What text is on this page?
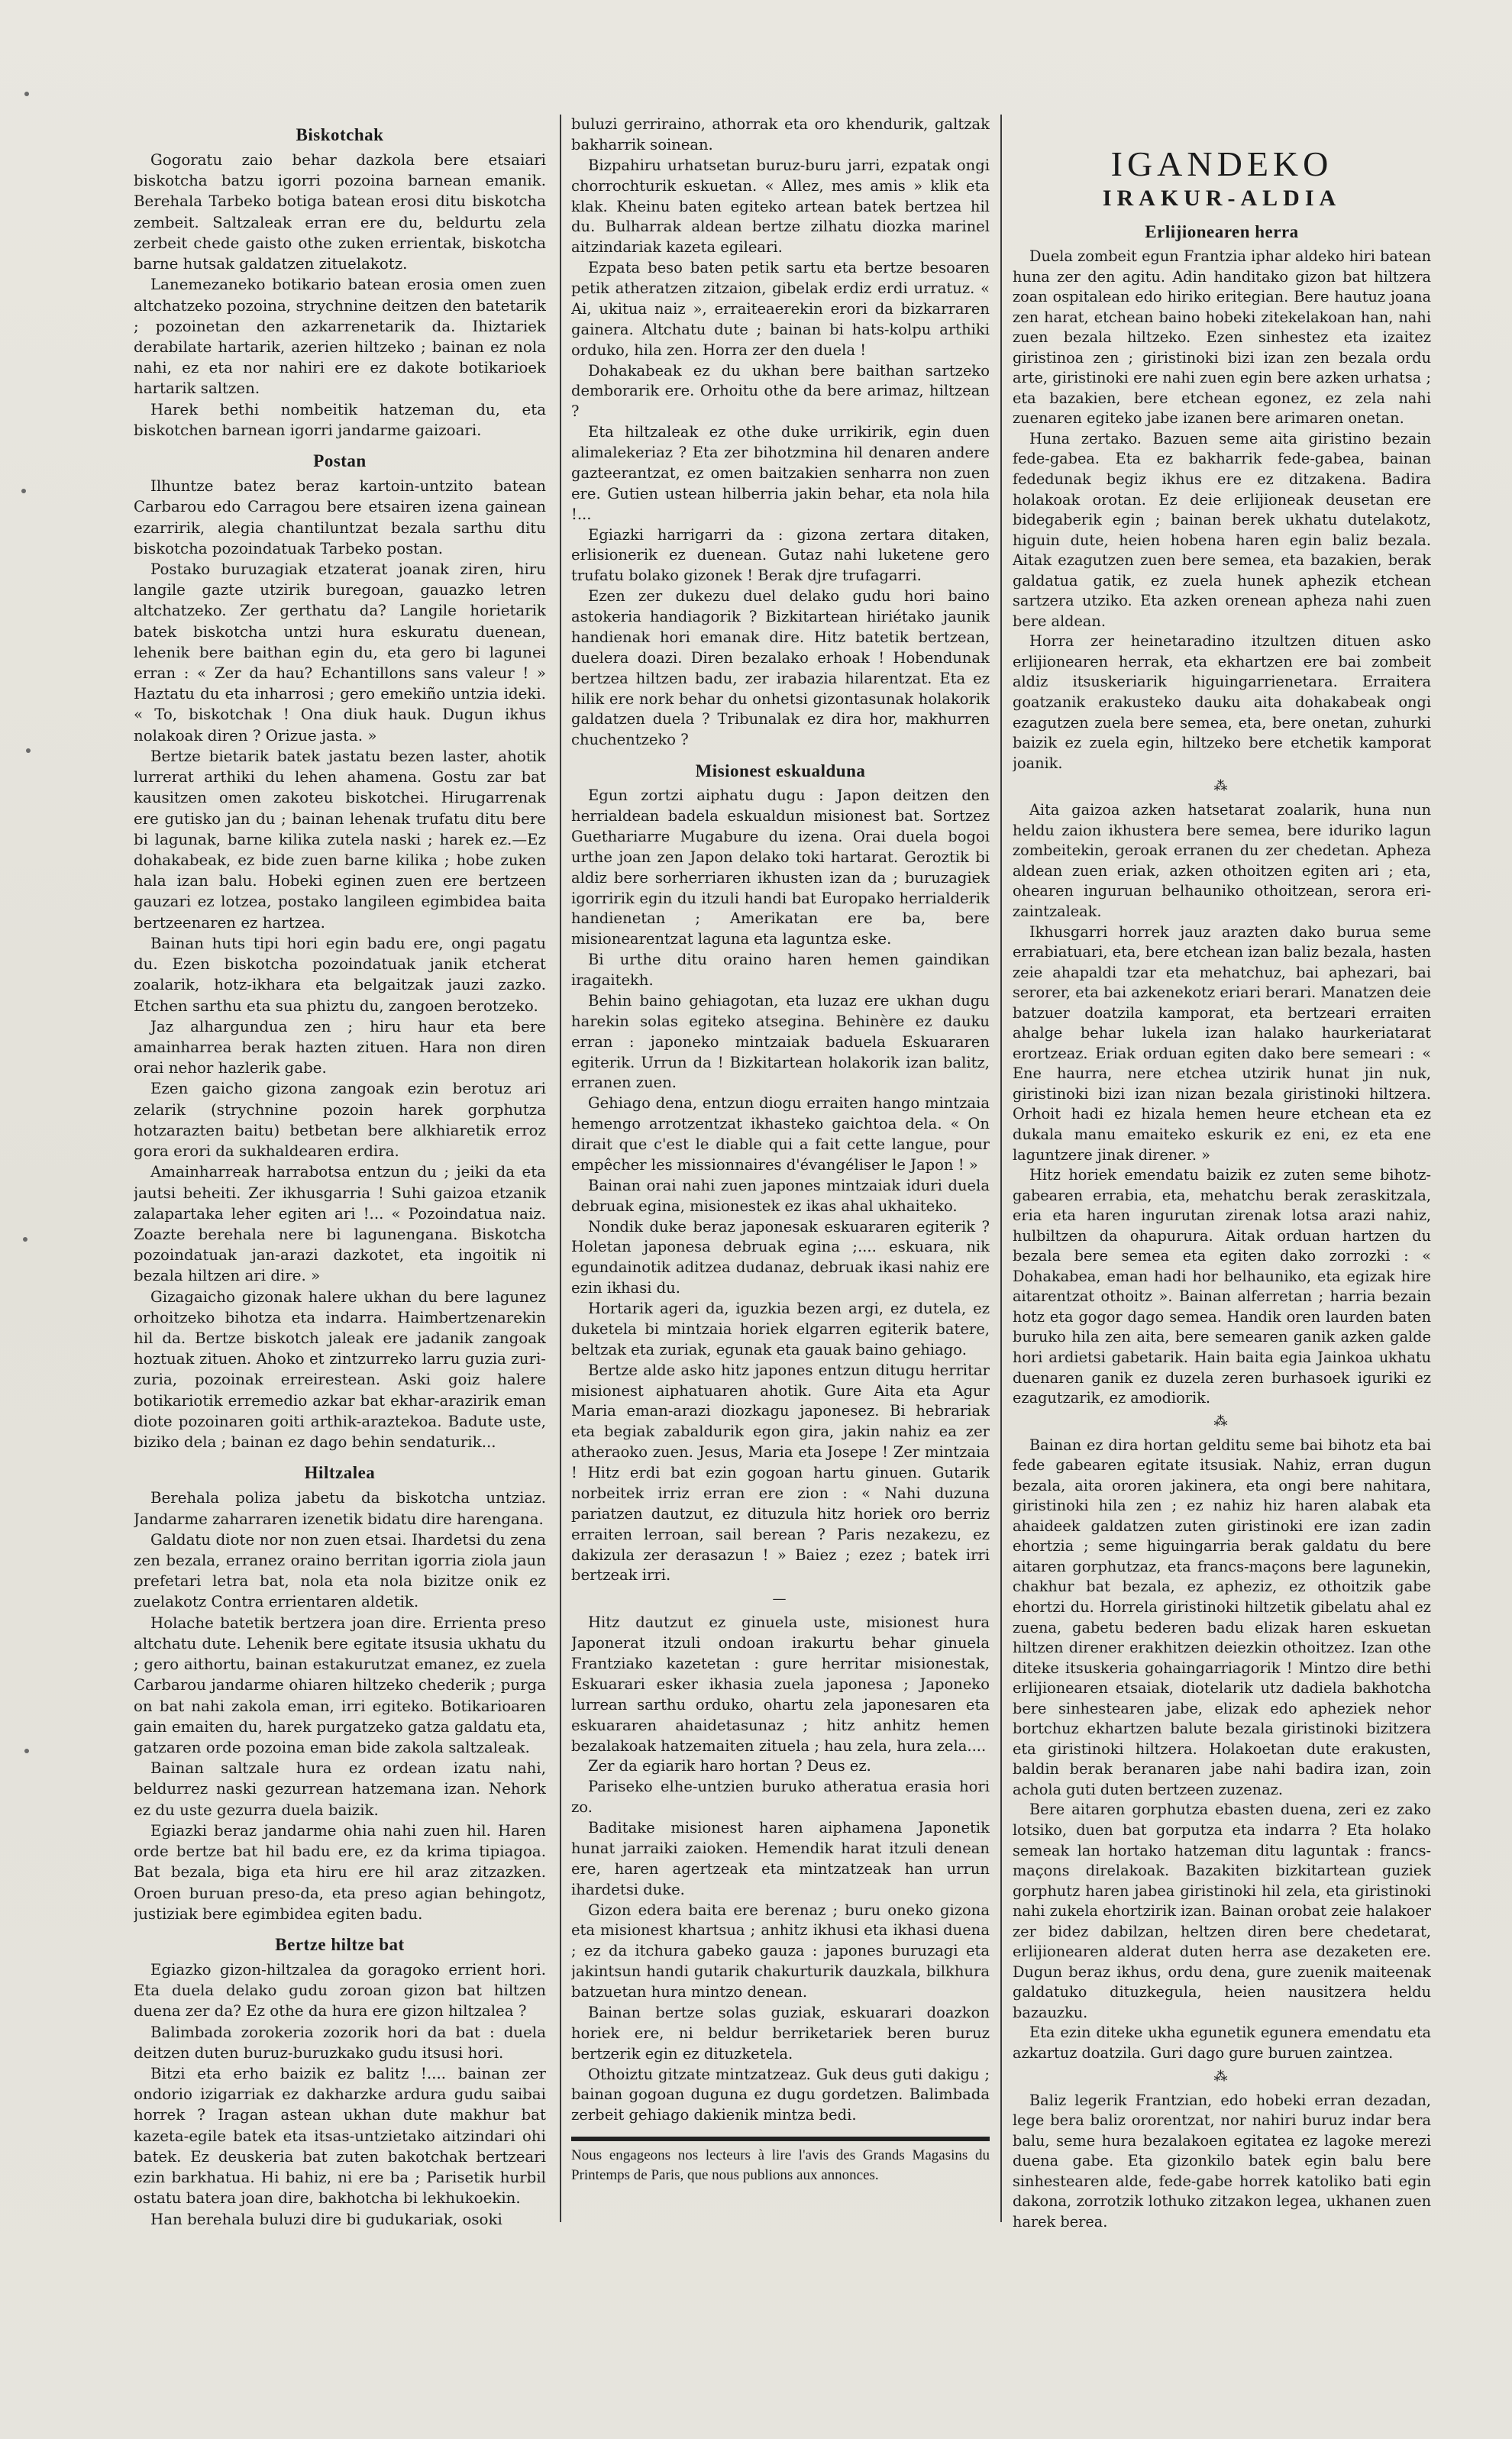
Biskotchak

Gogoratu zaio behar dazkola bere etsaiari biskotcha batzu igorri pozoina barnean emanik. Berehala Tarbeko botiga batean erosi ditu biskotcha zembeit. Saltzaleak erran ere du, beldurtu zela zerbeit chede gaisto othe zuken errientak, biskotcha barne hutsak galdatzen zituelakotz.

Lanemezaneko botikario batean erosia omen zuen altchatzeko pozoina, strychnine deitzen den batetarik ; pozoinetan den azkarrenetarik da. Ihiztariek derabilate hartarik, azerien hiltzeko ; bainan ez nola nahi, ez eta nor nahiri ere ez dakote botikarioek hartarik saltzen.

Harek bethi nombeitik hatzeman du, eta biskotchen barnean igorri jandarme gaizoari.

Postan

Ilhuntze batez beraz kartoin-untzito batean Carbarou edo Carragou bere etsairen izena gainean ezarririk, alegia chantiluntzat bezala sarthu ditu biskotcha pozoindatuak Tarbeko postan.

Postako buruzagiak etzaterat joanak ziren, hiru langile gazte utzirik buregoan, gauazko letren altchatzeko. Zer gerthatu da? Langile horietarik batek biskotcha untzi hura eskuratu duenean, lehenik bere baithan egin du, eta gero bi lagunei erran : « Zer da hau? Echantillons sans valeur ! » Haztatu du eta inharrosi ; gero emekiño untzia ideki. « To, biskotchak ! Ona diuk hauk. Dugun ikhus nolakoak diren ? Orizue jasta. »

Bertze bietarik batek jastatu bezen laster, ahotik lurrerat arthiki du lehen ahamena. Gostu zar bat kausitzen omen zakoteu biskotchei. Hirugarrenak ere gutisko jan du ; bainan lehenak trufatu ditu bere bi lagunak, barne kilika zutela naski ; harek ez.—Ez dohakabeak, ez bide zuen barne kilika ; hobe zuken hala izan balu. Hobeki eginen zuen ere bertzeen gauzari ez lotzea, postako langileen egimbidea baita bertzeenaren ez hartzea.

Bainan huts tipi hori egin badu ere, ongi pagatu du. Ezen biskotcha pozoindatuak janik etcherat zoalarik, hotz-ikhara eta belgaitzak jauzi zazko. Etchen sarthu eta sua phiztu du, zangoen berotzeko.

Jaz alhargundua zen ; hiru haur eta bere amainharrea berak hazten zituen. Hara non diren orai nehor hazlerik gabe.

Ezen gaicho gizona zangoak ezin berotuz ari zelarik (strychnine pozoin harek gorphutza hotzarazten baitu) betbetan bere alkhiaretik erroz gora erori da sukhaldearen erdira.

Amainharreak harrabotsa entzun du ; jeiki da eta jautsi beheiti. Zer ikhusgarria ! Suhi gaizoa etzanik zalapartaka leher egiten ari !... « Pozoindatua naiz. Zoazte berehala nere bi lagunengana. Biskotcha pozoindatuak jan-arazi dazkotet, eta ingoitik ni bezala hiltzen ari dire. »

Gizagaicho gizonak halere ukhan du bere lagunez orhoitzeko bihotza eta indarra. Haimbertzenarekin hil da. Bertze biskotch jaleak ere jadanik zangoak hoztuak zituen. Ahoko et zintzurreko larru guzia zuri-zuria, pozoinak erreirestean. Aski goiz halere botikariotik erremedio azkar bat ekhar-arazirik eman diote pozoinaren goiti arthik-araztekoa. Badute uste, biziko dela ; bainan ez dago behin sendaturik...

Hiltzalea

Berehala poliza jabetu da biskotcha untziaz. Jandarme zaharraren izenetik bidatu dire harengana.

Galdatu diote nor non zuen etsai. Ihardetsi du zena zen bezala, erranez oraino berritan igorria ziola jaun prefetari letra bat, nola eta nola bizitze onik ez zuelakotz Contra errientaren aldetik.

Holache batetik bertzera joan dire. Errienta preso altchatu dute. Lehenik bere egitate itsusia ukhatu du ; gero aithortu, bainan estakurutzat emanez, ez zuela Carbarou jandarme ohiaren hiltzeko chederik ; purga on bat nahi zakola eman, irri egiteko. Botikarioaren gain emaiten du, harek purgatzeko gatza galdatu eta, gatzaren orde pozoina eman bide zakola saltzaleak.

Bainan saltzale hura ez ordean izatu nahi, beldurrez naski gezurrean hatzemana izan. Nehork ez du uste gezurra duela baizik.

Egiazki beraz jandarme ohia nahi zuen hil. Haren orde bertze bat hil badu ere, ez da krima tipiagoa. Bat bezala, biga eta hiru ere hil araz zitzazken. Oroen buruan preso-da, eta preso agian behingotz, justiziak bere egimbidea egiten badu.

Bertze hiltze bat

Egiazko gizon-hiltzalea da goragoko errient hori. Eta duela delako gudu zoroan gizon bat hiltzen duena zer da? Ez othe da hura ere gizon hiltzalea ?

Balimbada zorokeria zozorik hori da bat : duela deitzen duten buruz-buruzkako gudu itsusi hori.

Bitzi eta erho baizik ez balitz !.... bainan zer ondorio izigarriak ez dakharzke ardura gudu saibai horrek ? Iragan astean ukhan dute makhur bat kazeta-egile batek eta itsas-untzietako aitzindari ohi batek. Ez deuskeria bat zuten bakotchak bertzeari ezin barkhatua. Hi bahiz, ni ere ba ; Parisetik hurbil ostatu batera joan dire, bakhotcha bi lekhukoekin.

Han berehala buluzi dire bi gudukariak, osoki

buluzi gerriraino, athorrak eta oro khendurik, galtzak bakharrik soinean.

Bizpahiru urhatsetan buruz-buru jarri, ezpatak ongi chorrochturik eskuetan. « Allez, mes amis » klik eta klak. Kheinu baten egiteko artean batek bertzea hil du. Bulharrak aldean bertze zilhatu diozka marinel aitzindariak kazeta egileari.

Ezpata beso baten petik sartu eta bertze besoaren petik atheratzen zitzaion, gibelak erdiz erdi urratuz. « Ai, ukitua naiz », erraiteaerekin erori da bizkarraren gainera. Altchatu dute ; bainan bi hats-kolpu arthiki orduko, hila zen. Horra zer den duela !

Dohakabeak ez du ukhan bere baithan sartzeko demborarik ere. Orhoitu othe da bere arimaz, hiltzean ?

Eta hiltzaleak ez othe duke urrikirik, egin duen alimalekeriaz ? Eta zer bihotzmina hil denaren andere gazteerantzat, ez omen baitzakien senharra non zuen ere. Gutien ustean hilberria jakin behar, eta nola hila !...

Egiazki harrigarri da : gizona zertara ditaken, erlisionerik ez duenean. Gutaz nahi luketene gero trufatu bolako gizonek ! Berak djre trufagarri.

Ezen zer dukezu duel delako gudu hori baino astokeria handiagorik ? Bizkitartean hiriétako jaunik handienak hori emanak dire. Hitz batetik bertzean, duelera doazi. Diren bezalako erhoak ! Hobendunak bertzea hiltzen badu, zer irabazia hilarentzat. Eta ez hilik ere nork behar du onhetsi gizontasunak holakorik galdatzen duela ? Tribunalak ez dira hor, makhurren chuchentzeko ?

Misionest eskualduna

Egun zortzi aiphatu dugu : Japon deitzen den herrialdean badela eskualdun misionest bat. Sortzez Guethariarre Mugabure du izena. Orai duela bogoi urthe joan zen Japon delako toki hartarat. Geroztik bi aldiz bere sorherriaren ikhusten izan da ; buruzagiek igorririk egin du itzuli handi bat Europako herrialderik handienetan ; Amerikatan ere ba, bere misionearentzat laguna eta laguntza eske.

Bi urthe ditu oraino haren hemen gaindikan iragaitekh.

Behin baino gehiagotan, eta luzaz ere ukhan dugu harekin solas egiteko atsegina. Behinère ez dauku erran : japoneko mintzaiak baduela Eskuararen egiterik. Urrun da ! Bizkitartean holakorik izan balitz, erranen zuen.

Gehiago dena, entzun diogu erraiten hango mintzaia hemengo arrotzentzat ikhasteko gaichtoa dela. « On dirait que c'est le diable qui a fait cette langue, pour empêcher les missionnaires d'évangéliser le Japon ! »

Bainan orai nahi zuen japones mintzaiak iduri duela debruak egina, misionestek ez ikas ahal ukhaiteko.

Nondik duke beraz japonesak eskuararen egiterik ? Holetan japonesa debruak egina ;.... eskuara, nik egundainotik aditzea dudanaz, debruak ikasi nahiz ere ezin ikhasi du.

Hortarik ageri da, iguzkia bezen argi, ez dutela, ez duketela bi mintzaia horiek elgarren egiterik batere, beltzak eta zuriak, egunak eta gauak baino gehiago.

Bertze alde asko hitz japones entzun ditugu herritar misionest aiphatuaren ahotik. Gure Aita eta Agur Maria eman-arazi diozkagu japonesez. Bi hebrariak eta begiak zabaldurik egon gira, jakin nahiz ea zer atheraoko zuen. Jesus, Maria eta Josepe ! Zer mintzaia ! Hitz erdi bat ezin gogoan hartu ginuen. Gutarik norbeitek irriz erran ere zion : « Nahi duzuna pariatzen dautzut, ez dituzula hitz horiek oro berriz erraiten lerroan, sail berean ? Paris nezakezu, ez dakizula zer derasazun ! » Baiez ; ezez ; batek irri bertzeak irri.

—

Hitz dautzut ez ginuela uste, misionest hura Japonerat itzuli ondoan irakurtu behar ginuela Frantziako kazetetan : gure herritar misionestak, Eskuarari esker ikhasia zuela japonesa ; Japoneko lurrean sarthu orduko, ohartu zela japonesaren eta eskuararen ahaidetasunaz ; hitz anhitz hemen bezalakoak hatzemaiten zituela ; hau zela, hura zela....

Zer da egiarik haro hortan ? Deus ez.

Pariseko elhe-untzien buruko atheratua erasia hori zo.

Baditake misionest haren aiphamena Japonetik hunat jarraiki zaioken. Hemendik harat itzuli denean ere, haren agertzeak eta mintzatzeak han urrun ihardetsi duke.

Gizon edera baita ere berenaz ; buru oneko gizona eta misionest khartsua ; anhitz ikhusi eta ikhasi duena ; ez da itchura gabeko gauza : japones buruzagi eta jakintsun handi gutarik chakurturik dauzkala, bilkhura batzuetan hura mintzo denean.

Bainan bertze solas guziak, eskuarari doazkon horiek ere, ni beldur berriketariek beren buruz bertzerik egin ez dituzketela.

Othoiztu gitzate mintzatzeaz. Guk deus guti dakigu ; bainan gogoan duguna ez dugu gordetzen. Balimbada zerbeit gehiago dakienik mintza bedi.

Nous engageons nos lecteurs à lire l'avis des Grands Magasins du Printemps de Paris, que nous publions aux annonces.
IGANDEKO
IRAKUR-ALDIA
Erlijionearen herra

Duela zombeit egun Frantzia iphar aldeko hiri batean huna zer den agitu. Adin handitako gizon bat hiltzera zoan ospitalean edo hiriko eritegian. Bere hautuz joana zen harat, etchean baino hobeki zitekelakoan han, nahi zuen bezala hiltzeko. Ezen sinhestez eta izaitez giristinoa zen ; giristinoki bizi izan zen bezala ordu arte, giristinoki ere nahi zuen egin bere azken urhatsa ; eta bazakien, bere etchean egonez, ez zela nahi zuenaren egiteko jabe izanen bere arimaren onetan.

Huna zertako. Bazuen seme aita giristino bezain fede-gabea. Eta ez bakharrik fede-gabea, bainan fededunak begiz ikhus ere ez ditzakena. Badira holakoak orotan. Ez deie erlijioneak deusetan ere bidegaberik egin ; bainan berek ukhatu dutelakotz, higuin dute, heien hobena haren egin baliz bezala. Aitak ezagutzen zuen bere semea, eta bazakien, berak galdatua gatik, ez zuela hunek aphezik etchean sartzera utziko. Eta azken orenean apheza nahi zuen bere aldean.

Horra zer heinetaradino itzultzen dituen asko erlijionearen herrak, eta ekhartzen ere bai zombeit aldiz itsuskeriarik higuingarrienetara. Erraitera goatzanik erakusteko dauku aita dohakabeak ongi ezagutzen zuela bere semea, eta, bere onetan, zuhurki baizik ez zuela egin, hiltzeko bere etchetik kamporat joanik.

⁂

Aita gaizoa azken hatsetarat zoalarik, huna nun heldu zaion ikhustera bere semea, bere iduriko lagun zombeitekin, geroak erranen du zer chedetan. Apheza aldean zuen eriak, azken othoitzen egiten ari ; eta, ohearen inguruan belhauniko othoitzean, serora eri-zaintzaleak.

Ikhusgarri horrek jauz arazten dako burua seme errabiatuari, eta, bere etchean izan baliz bezala, hasten zeie ahapaldi tzar eta mehatchuz, bai aphezari, bai serorer, eta bai azkenekotz eriari berari. Manatzen deie batzuer doatzila kamporat, eta bertzeari erraiten ahalge behar lukela izan halako haurkeriatarat erortzeaz. Eriak orduan egiten dako bere semeari : « Ene haurra, nere etchea utzirik hunat jin nuk, giristinoki bizi izan nizan bezala giristinoki hiltzera. Orhoit hadi ez hizala hemen heure etchean eta ez dukala manu emaiteko eskurik ez eni, ez eta ene laguntzere jinak direner. »

Hitz horiek emendatu baizik ez zuten seme bihotz-gabearen errabia, eta, mehatchu berak zeraskitzala, eria eta haren ingurutan zirenak lotsa arazi nahiz, hulbiltzen da ohapurura. Aitak orduan hartzen du bezala bere semea eta egiten dako zorrozki : « Dohakabea, eman hadi hor belhauniko, eta egizak hire aitarentzat othoitz ». Bainan alferretan ; harria bezain hotz eta gogor dago semea. Handik oren laurden baten buruko hila zen aita, bere semearen ganik azken galde hori ardietsi gabetarik. Hain baita egia Jainkoa ukhatu duenaren ganik ez duzela zeren burhasoek iguriki ez ezagutzarik, ez amodiorik.

⁂

Bainan ez dira hortan gelditu seme bai bihotz eta bai fede gabearen egitate itsusiak. Nahiz, erran dugun bezala, aita ororen jakinera, eta ongi bere nahitara, giristinoki hila zen ; ez nahiz hiz haren alabak eta ahaideek galdatzen zuten giristinoki ere izan zadin ehortzia ; seme higuingarria berak galdatu du bere aitaren gorphutzaz, eta francs-maçons bere lagunekin, chakhur bat bezala, ez apheziz, ez othoitzik gabe ehortzi du. Horrela giristinoki hiltzetik gibelatu ahal ez zuena, gabetu bederen badu elizak haren eskuetan hiltzen direner erakhitzen deiezkin othoitzez. Izan othe diteke itsuskeria gohaingarriagorik ! Mintzo dire bethi erlijionearen etsaiak, diotelarik utz dadiela bakhotcha bere sinhestearen jabe, elizak edo apheziek nehor bortchuz ekhartzen balute bezala giristinoki bizitzera eta giristinoki hiltzera. Holakoetan dute erakusten, baldin berak beranaren jabe nahi badira izan, zoin achola guti duten bertzeen zuzenaz.

Bere aitaren gorphutza ebasten duena, zeri ez zako lotsiko, duen bat gorputza eta indarra ? Eta holako semeak lan hortako hatzeman ditu laguntak : francs-maçons direlakoak. Bazakiten bizkitartean guziek gorphutz haren jabea giristinoki hil zela, eta giristinoki nahi zukela ehortzirik izan. Bainan orobat zeie halakoer zer bidez dabilzan, heltzen diren bere chedetarat, erlijionearen alderat duten herra ase dezaketen ere. Dugun beraz ikhus, ordu dena, gure zuenik maiteenak galdatuko dituzkegula, heien nausitzera heldu bazauzku.

Eta ezin diteke ukha egunetik egunera emendatu eta azkartuz doatzila. Guri dago gure buruen zaintzea.

⁂

Baliz legerik Frantzian, edo hobeki erran dezadan, lege bera baliz ororentzat, nor nahiri buruz indar bera balu, seme hura bezalakoen egitatea ez lagoke merezi duena gabe. Eta gizonkilo batek egin balu bere sinhestearen alde, fede-gabe horrek katoliko bati egin dakona, zorrotzik lothuko zitzakon legea, ukhanen zuen harek berea.
